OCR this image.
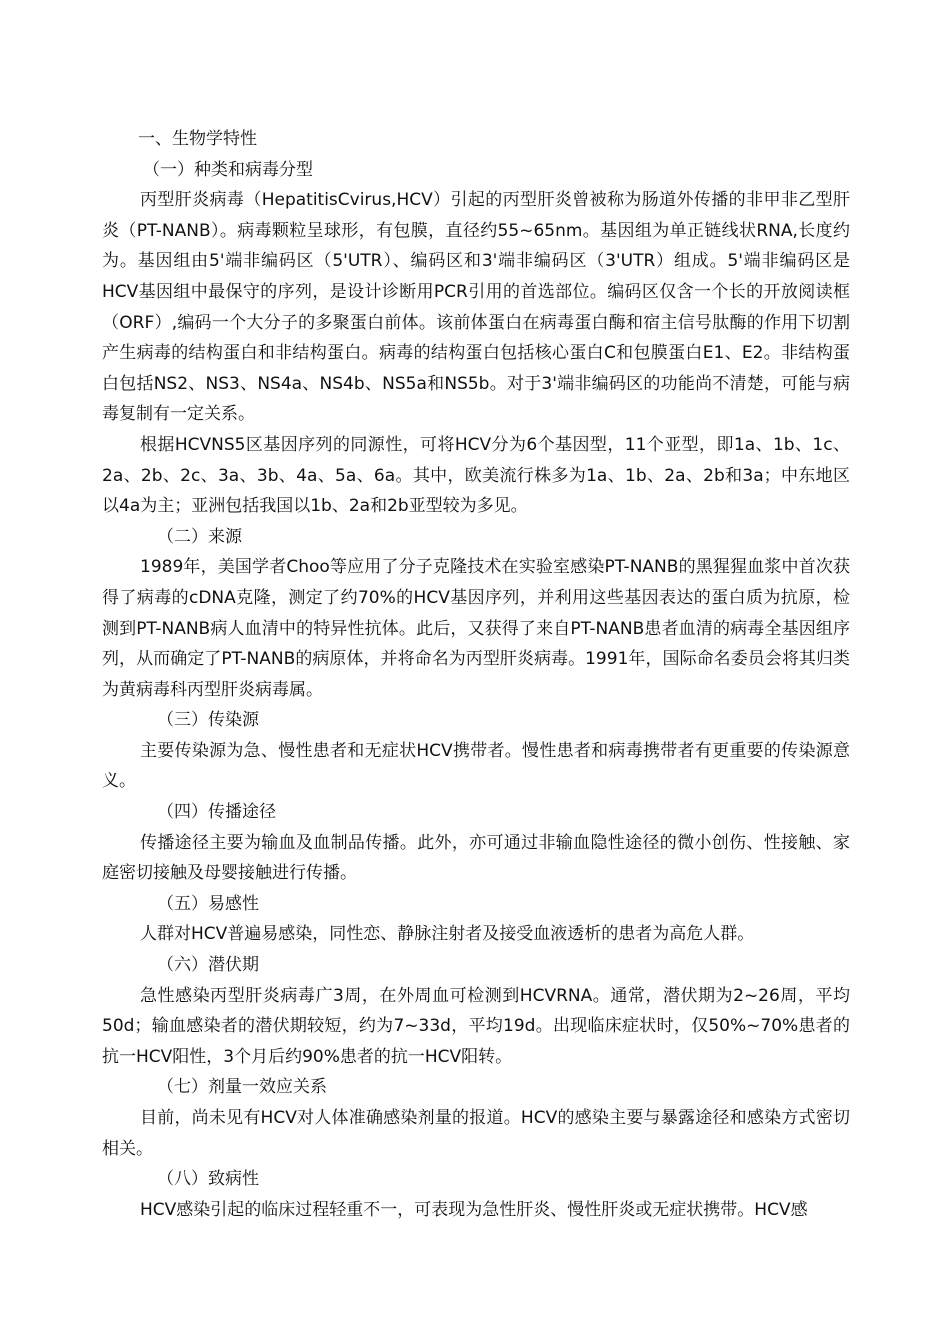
一、生物学特性

（一）种类和病毒分型

丙型肝炎病毒（HepatitisCvirus,HCV）引起的丙型肝炎曾被称为肠道外传播的非甲非乙型肝炎（PT-NANB）。病毒颗粒呈球形，有包膜，直径约55~65nm。基因组为单正链线状RNA,长度约为。基因组由5'端非编码区（5'UTR）、编码区和3'端非编码区（3'UTR）组成。5'端非编码区是HCV基因组中最保守的序列，是设计诊断用PCR引用的首选部位。编码区仅含一个长的开放阅读框（ORF）,编码一个大分子的多聚蛋白前体。该前体蛋白在病毒蛋白酶和宿主信号肽酶的作用下切割产生病毒的结构蛋白和非结构蛋白。病毒的结构蛋白包括核心蛋白C和包膜蛋白E1、E2。非结构蛋白包括NS2、NS3、NS4a、NS4b、NS5a和NS5b。对于3'端非编码区的功能尚不清楚，可能与病毒复制有一定关系。

根据HCVNS5区基因序列的同源性，可将HCV分为6个基因型，11个亚型，即1a、1b、1c、2a、2b、2c、3a、3b、4a、5a、6a。其中，欧美流行株多为1a、1b、2a、2b和3a；中东地区以4a为主；亚洲包括我国以1b、2a和2b亚型较为多见。

（二）来源

1989年，美国学者Choo等应用了分子克隆技术在实验室感染PT-NANB的黑猩猩血浆中首次获得了病毒的cDNA克隆，测定了约70%的HCV基因序列，并利用这些基因表达的蛋白质为抗原，检测到PT-NANB病人血清中的特异性抗体。此后，又获得了来自PT-NANB患者血清的病毒全基因组序列，从而确定了PT-NANB的病原体，并将命名为丙型肝炎病毒。1991年，国际命名委员会将其归类为黄病毒科丙型肝炎病毒属。

（三）传染源

主要传染源为急、慢性患者和无症状HCV携带者。慢性患者和病毒携带者有更重要的传染源意义。

（四）传播途径

传播途径主要为输血及血制品传播。此外，亦可通过非输血隐性途径的微小创伤、性接触、家庭密切接触及母婴接触进行传播。

（五）易感性

人群对HCV普遍易感染，同性恋、静脉注射者及接受血液透析的患者为高危人群。

（六）潜伏期

急性感染丙型肝炎病毒广3周，在外周血可检测到HCVRNA。通常，潜伏期为2~26周，平均50d；输血感染者的潜伏期较短，约为7~33d，平均19d。出现临床症状时，仅50%~70%患者的抗一HCV阳性，3个月后约90%患者的抗一HCV阳转。

（七）剂量一效应关系

目前，尚未见有HCV对人体准确感染剂量的报道。HCV的感染主要与暴露途径和感染方式密切相关。

（八）致病性

HCV感染引起的临床过程轻重不一，可表现为急性肝炎、慢性肝炎或无症状携带。HCV感
